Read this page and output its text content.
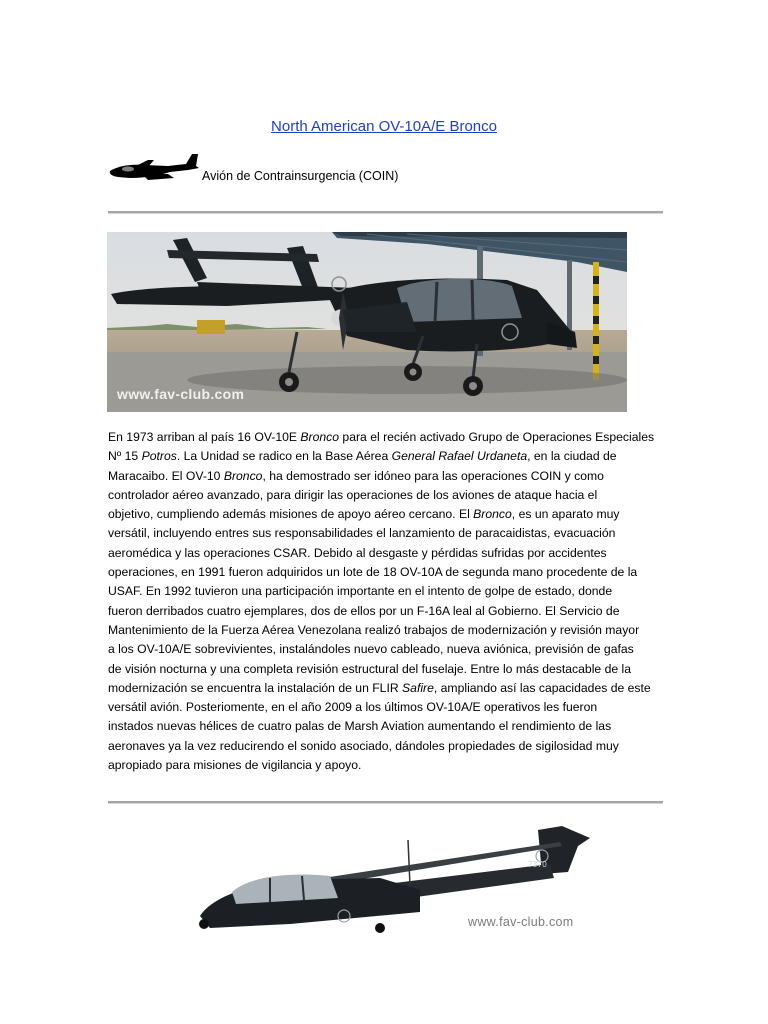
North American OV-10A/E Bronco
Avión de Contrainsurgencia (COIN)
www.fav-club.com
En 1973 arriban al país 16 OV-10E Bronco para el recién activado Grupo de Operaciones Especiales
Nº 15 Potros. La Unidad se radico en la Base Aérea General Rafael Urdaneta, en la ciudad de
Maracaibo. El OV-10 Bronco, ha demostrado ser idóneo para las operaciones COIN y como
controlador aéreo avanzado, para dirigir las operaciones de los aviones de ataque hacia el
objetivo, cumpliendo además misiones de apoyo aéreo cercano. El Bronco, es un aparato muy
versátil, incluyendo entres sus responsabilidades el lanzamiento de paracaidistas, evacuación
aeromédica y las operaciones CSAR. Debido al desgaste y pérdidas sufridas por accidentes
operaciones, en 1991 fueron adquiridos un lote de 18 OV-10A de segunda mano procedente de la
USAF. En 1992 tuvieron una participación importante en el intento de golpe de estado, donde
fueron derribados cuatro ejemplares, dos de ellos por un F-16A leal al Gobierno. El Servicio de
Mantenimiento de la Fuerza Aérea Venezolana realizó trabajos de modernización y revisión mayor
a los OV-10A/E sobrevivientes, instalándoles nuevo cableado, nueva aviónica, previsión de gafas
de visión nocturna y una completa revisión estructural del fuselaje. Entre lo más destacable de la
modernización se encuentra la instalación de un FLIR Safire, ampliando así las capacidades de este
versátil avión. Posteriomente, en el año 2009 a los últimos OV-10A/E operativos les fueron
instados nuevas hélices de cuatro palas de Marsh Aviation aumentando el rendimiento de las
aeronaves ya la vez reducirendo el sonido asociado, dándoles propiedades de sigilosidad muy
apropiado para misiones de vigilancia y apoyo.
7370
www.fav-club.com
